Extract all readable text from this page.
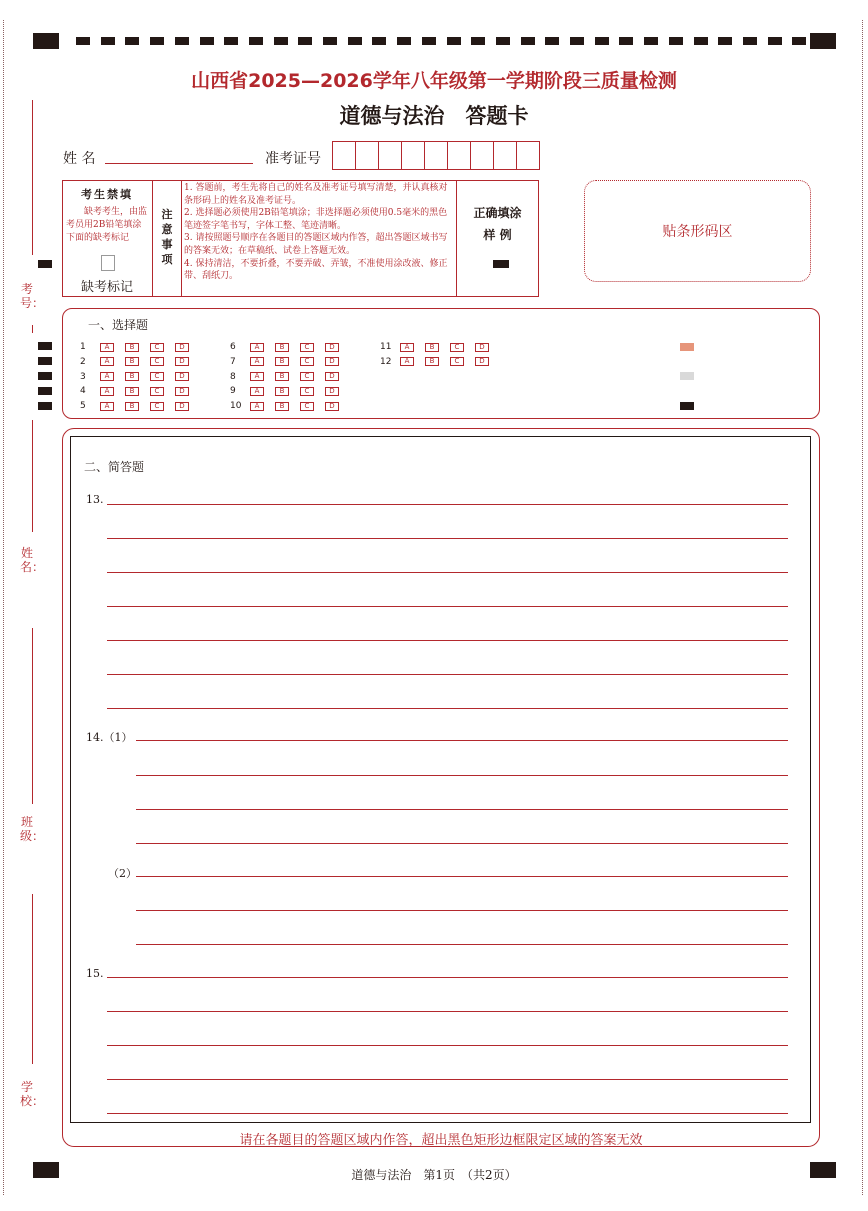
山西省2025—2026学年八年级第一学期阶段三质量检测
道德与法治　答题卡
考号：
姓名：
班级：
学校：
姓 名	准考证号
考生禁填
缺考考生，由监考员用2B铅笔填涂下面的缺考标记
缺考标记
注意事项
1. 答题前，考生先将自己的姓名及准考证号填写清楚，并认真核对条形码上的姓名及准考证号。
2. 选择题必须使用2B铅笔填涂；非选择题必须使用0.5毫米的黑色笔迹签字笔书写，字体工整、笔迹清晰。
3. 请按照题号顺序在各题目的答题区域内作答，超出答题区域书写的答案无效；在草稿纸、试卷上答题无效。
4. 保持清洁，不要折叠，不要弄破、弄皱，不准使用涂改液、修正带、刮纸刀。
正确填涂
样 例	贴条形码区
一、选择题
1	A	B	C	D
2	A	B	C	D
3	A	B	C	D
4	A	B	C	D
5	A	B	C	D
6	A	B	C	D
7	A	B	C	D
8	A	B	C	D
9	A	B	C	D
10 A	B	C	D
11 A	B	C	D
12 A	B	C	D
二、简答题
13.
14.（1）
（2）
15.
请在各题目的答题区域内作答，超出黑色矩形边框限定区域的答案无效
道德与法治　第1页　（共2页）
